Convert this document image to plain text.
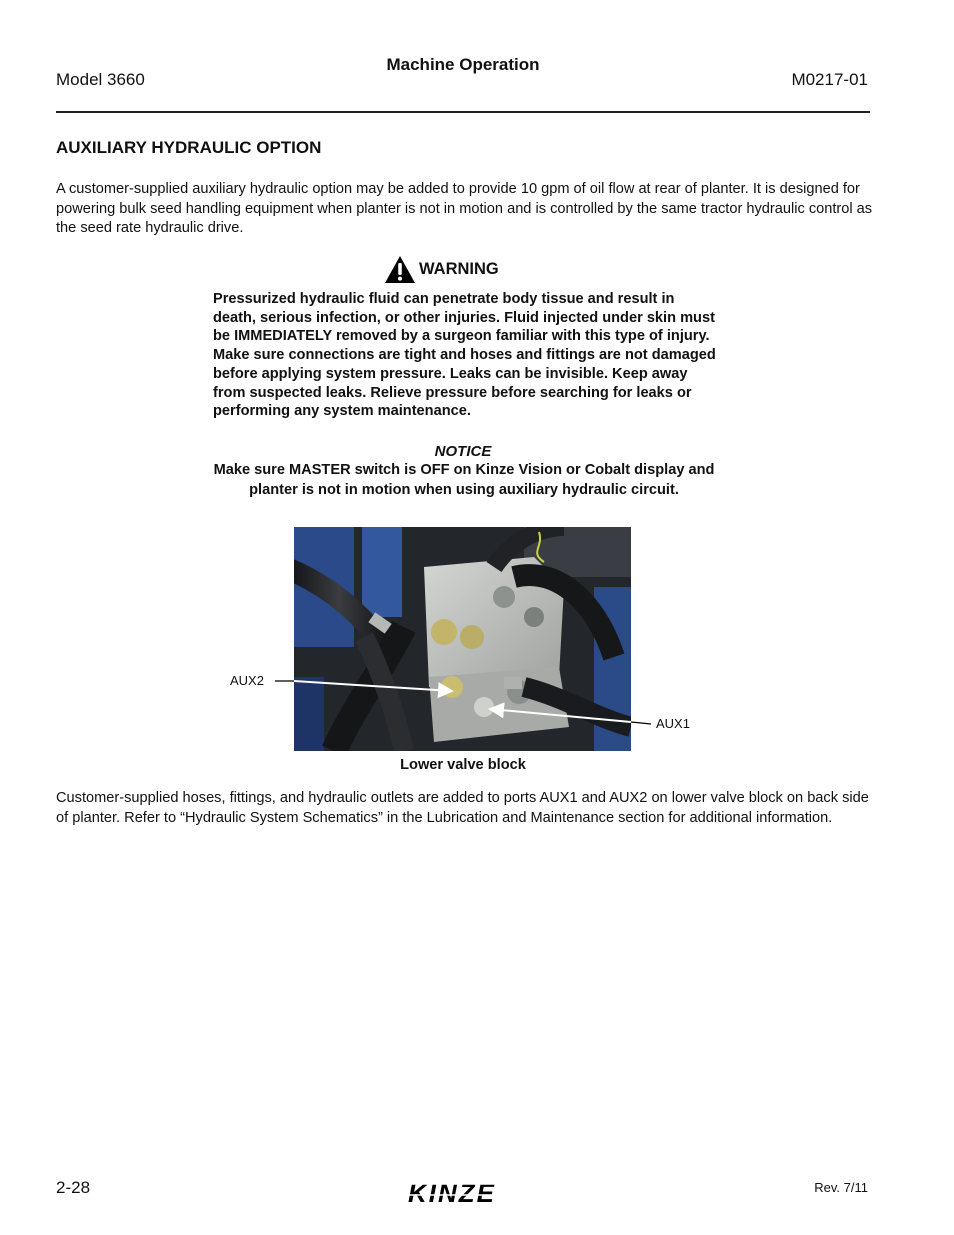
Machine Operation
Model 3660	M0217-01
AUXILIARY HYDRAULIC OPTION
A customer-supplied auxiliary hydraulic option may be added to provide 10 gpm of oil flow at rear of planter. It is designed for powering bulk seed handling equipment when planter is not in motion and is controlled by the same tractor hydraulic control as the seed rate hydraulic drive.
WARNING
Pressurized hydraulic fluid can penetrate body tissue and result in death, serious infection, or other injuries. Fluid injected under skin must be IMMEDIATELY removed by a surgeon familiar with this type of injury. Make sure connections are tight and hoses and fittings are not damaged before applying system pressure. Leaks can be invisible. Keep away from suspected leaks. Relieve pressure before searching for leaks or performing any system maintenance.
NOTICE
Make sure MASTER switch is OFF on Kinze Vision or Cobalt display and planter is not in motion when using auxiliary hydraulic circuit.
AUX2
AUX1
Lower valve block
Customer-supplied hoses, fittings, and hydraulic outlets are added to ports AUX1 and AUX2 on lower valve block on back side of planter. Refer to “Hydraulic System Schematics” in the Lubrication and Maintenance section for additional information.
2-28	KINZE	Rev. 7/11
